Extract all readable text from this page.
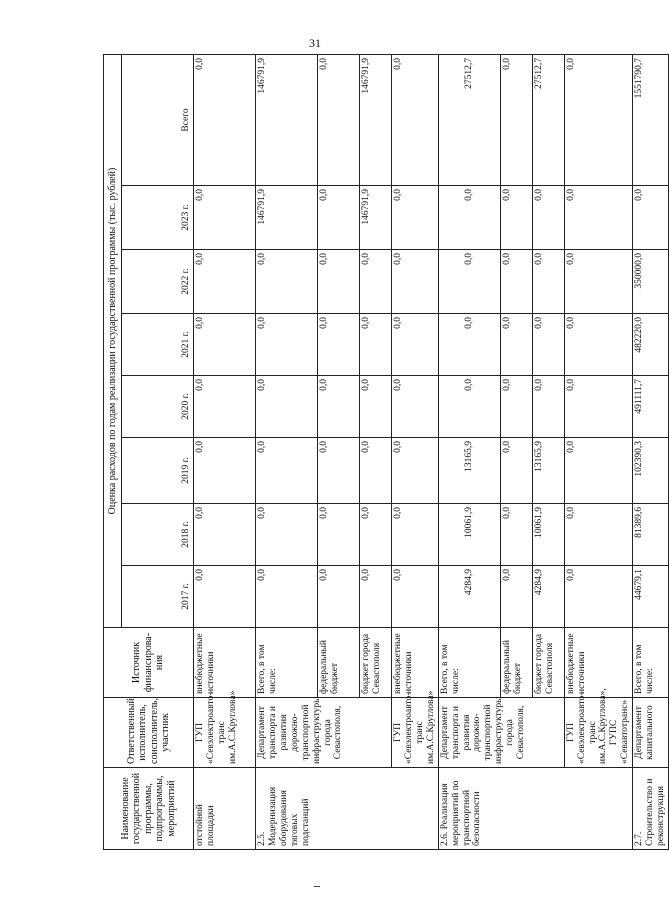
31
Наименование государственной программы, подпрограммы, мероприятий	Ответственный исполнитель, соисполнитель, участник	Источник финансирова-ния	Оценка расходов по годам реализации государственной программы (тыс. рублей)							
			2017 г.	2018 г.	2019 г.	2020 г.	2021 г.	2022 г.	2023 г.	Всего
отстойной площадки	ГУП «Севэлектроавто-транс им.А.С.Круглова»	внебюджетные источники	0,0	0,0	0,0	0,0	0,0	0,0	0,0	0,0
2.5. Модернизация оборудования тяговых подстанций	Департамент транспорта и развития дорожно-транспортной инфраструктуры города Севастополя,	Всего, в том числе:	0,0	0,0	0,0	0,0	0,0	0,0	146791,9	146791,9
		федеральный бюджет	0,0	0,0	0,0	0,0	0,0	0,0	0,0	0,0
		бюджет города Севастополя	0,0	0,0	0,0	0,0	0,0	0,0	146791,9	146791,9
	ГУП «Севэлектроавто-транс им.А.С.Круглова»	внебюджетные источники	0,0	0,0	0,0	0,0	0,0	0,0	0,0	0,0
2.6. Реализация мероприятий по транспортной безопасности	Департамент транспорта и развития дорожно-транспортной инфраструктуры города Севастополя,	Всего, в том числе:	4284,9	10061,9	13165,9	0,0	0,0	0,0	0,0	27512,7
		федеральный бюджет	0,0	0,0	0,0	0,0	0,0	0,0	0,0	0,0
		бюджет города Севастополя	4284,9	10061,9	13165,9	0,0	0,0	0,0	0,0	27512,7
	ГУП «Севэлектроавто-транс им.А.С.Круглова», ГУПС «Севавтотранс»	внебюджетные источники	0,0	0,0	0,0	0,0	0,0	0,0	0,0	0,0
2.7. Строительство и реконструкция	Департамент капитального	Всего, в том числе:	44679,1	81389,6	102390,3	491111,7	482220,0	350000,0	0,0	1551790,7
